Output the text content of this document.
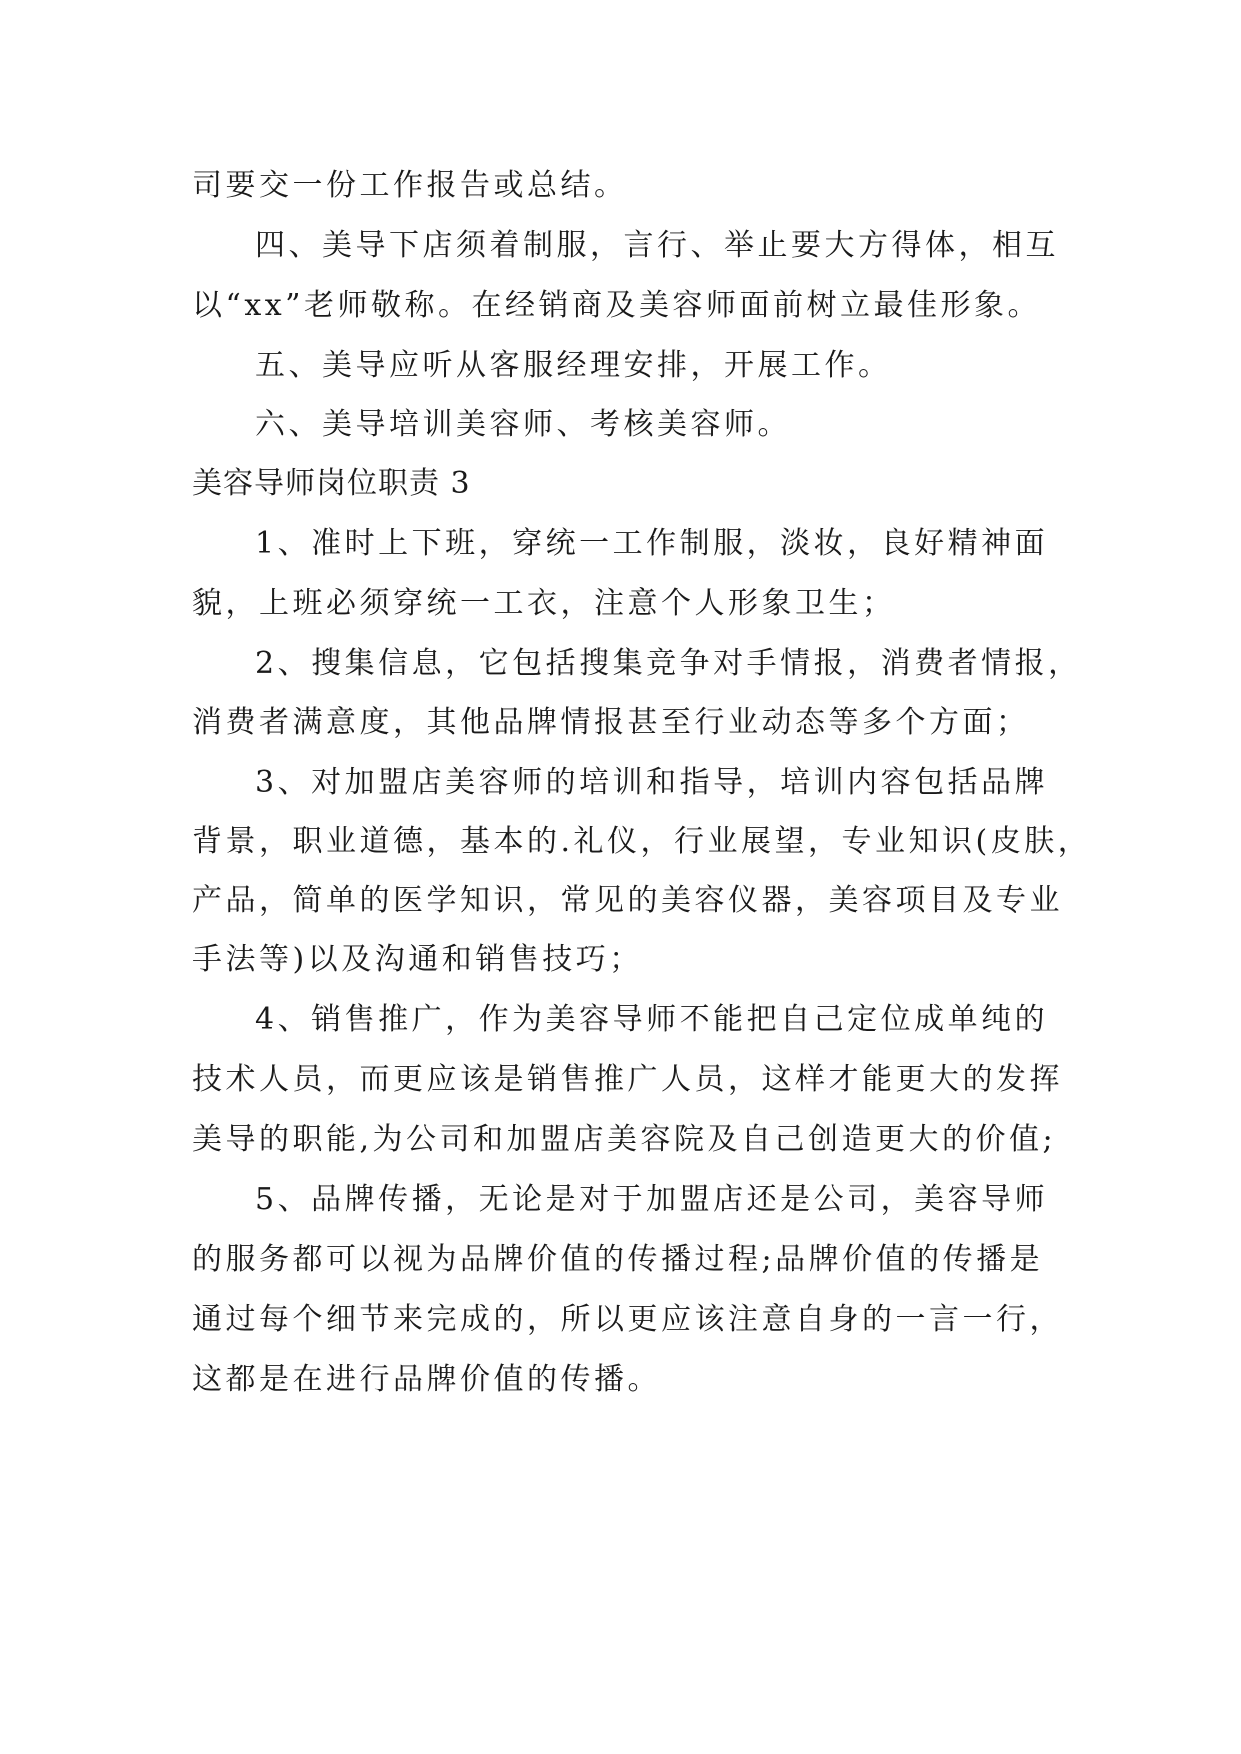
司要交一份工作报告或总结。
四、美导下店须着制服，言行、举止要大方得体，相互
以“xx”老师敬称。在经销商及美容师面前树立最佳形象。
五、美导应听从客服经理安排，开展工作。
六、美导培训美容师、考核美容师。
美容导师岗位职责 3
1、准时上下班，穿统一工作制服，淡妆，良好精神面
貌，上班必须穿统一工衣，注意个人形象卫生；
2、搜集信息，它包括搜集竞争对手情报，消费者情报，
消费者满意度，其他品牌情报甚至行业动态等多个方面；
3、对加盟店美容师的培训和指导，培训内容包括品牌
背景，职业道德，基本的.礼仪，行业展望，专业知识(皮肤，
产品，简单的医学知识，常见的美容仪器，美容项目及专业
手法等)以及沟通和销售技巧；
4、销售推广，作为美容导师不能把自己定位成单纯的
技术人员，而更应该是销售推广人员，这样才能更大的发挥
美导的职能,为公司和加盟店美容院及自己创造更大的价值;
5、品牌传播，无论是对于加盟店还是公司，美容导师
的服务都可以视为品牌价值的传播过程;品牌价值的传播是
通过每个细节来完成的，所以更应该注意自身的一言一行，
这都是在进行品牌价值的传播。
